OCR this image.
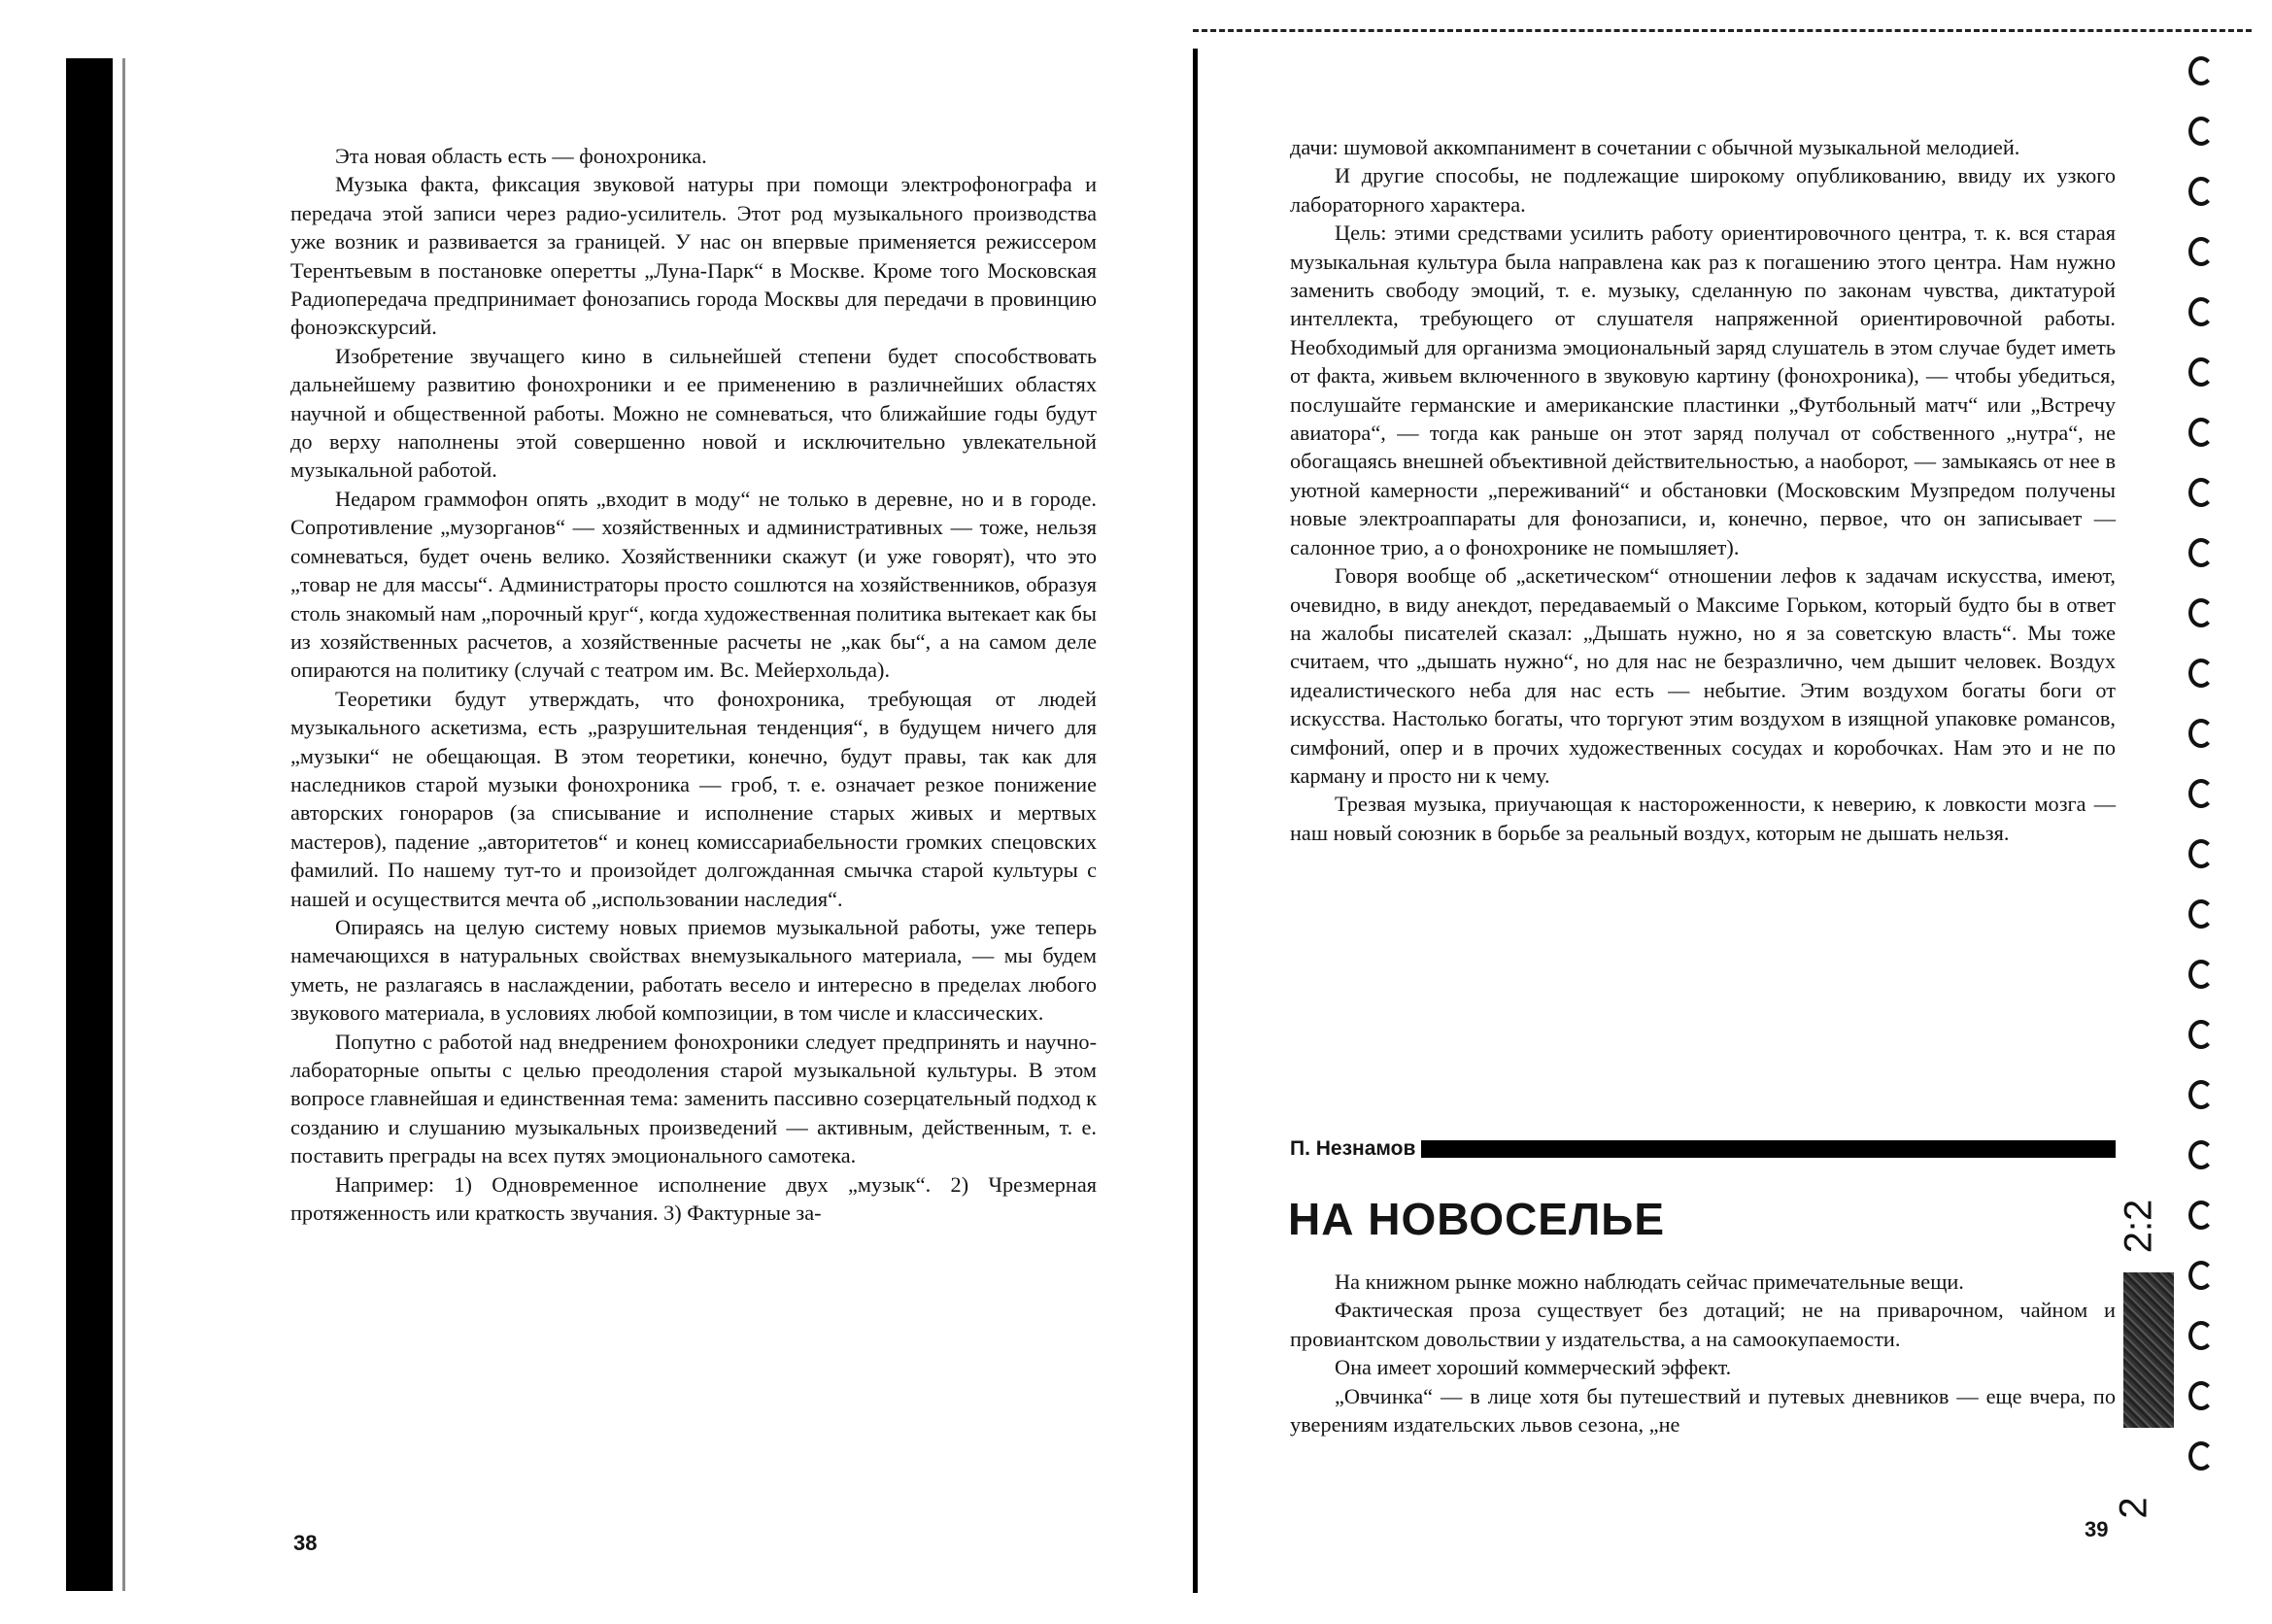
Эта новая область есть — фонохроника.

Музыка факта, фиксация звуковой натуры при помощи электрофонографа и передача этой записи через радио-усилитель. Этот род музыкального производства уже возник и развивается за границей. У нас он впервые применяется режиссером Терентьевым в постановке оперетты „Луна-Парк“ в Москве. Кроме того Московская Радиопередача предпринимает фонозапись города Москвы для передачи в провинцию фоноэкскурсий.

Изобретение звучащего кино в сильнейшей степени будет способствовать дальнейшему развитию фонохроники и ее применению в различнейших областях научной и общественной работы. Можно не сомневаться, что ближайшие годы будут до верху наполнены этой совершенно новой и исключительно увлекательной музыкальной работой.

Недаром граммофон опять „входит в моду“ не только в деревне, но и в городе. Сопротивление „музорганов“ — хозяйственных и административных — тоже, нельзя сомневаться, будет очень велико. Хозяйственники скажут (и уже говорят), что это „товар не для массы“. Администраторы просто сошлются на хозяйственников, образуя столь знакомый нам „порочный круг“, когда художественная политика вытекает как бы из хозяйственных расчетов, а хозяйственные расчеты не „как бы“, а на самом деле опираются на политику (случай с театром им. Вс. Мейерхольда).

Теоретики будут утверждать, что фонохроника, требующая от людей музыкального аскетизма, есть „разрушительная тенденция“, в будущем ничего для „музыки“ не обещающая. В этом теоретики, конечно, будут правы, так как для наследников старой музыки фонохроника — гроб, т. е. означает резкое понижение авторских гонораров (за списывание и исполнение старых живых и мертвых мастеров), падение „авторитетов“ и конец комиссариабельности громких спецовских фамилий. По нашему тут-то и произойдет долгожданная смычка старой культуры с нашей и осуществится мечта об „использовании наследия“.

Опираясь на целую систему новых приемов музыкальной работы, уже теперь намечающихся в натуральных свойствах внемузыкального материала, — мы будем уметь, не разлагаясь в наслаждении, работать весело и интересно в пределах любого звукового материала, в условиях любой композиции, в том числе и классических.

Попутно с работой над внедрением фонохроники следует предпринять и научно-лабораторные опыты с целью преодоления старой музыкальной культуры. В этом вопросе главнейшая и единственная тема: заменить пассивно созерцательный подход к созданию и слушанию музыкальных произведений — активным, действенным, т. е. поставить преграды на всех путях эмоционального самотека.

Например: 1) Одновременное исполнение двух „музык“. 2) Чрезмерная протяженность или краткость звучания. 3) Фактурные за-

38

дачи: шумовой аккомпанимент в сочетании с обычной музыкальной мелодией.

И другие способы, не подлежащие широкому опубликованию, ввиду их узкого лабораторного характера.

Цель: этими средствами усилить работу ориентировочного центра, т. к. вся старая музыкальная культура была направлена как раз к погашению этого центра. Нам нужно заменить свободу эмоций, т. е. музыку, сделанную по законам чувства, диктатурой интеллекта, требующего от слушателя напряженной ориентировочной работы. Необходимый для организма эмоциональный заряд слушатель в этом случае будет иметь от факта, живьем включенного в звуковую картину (фонохроника), — чтобы убедиться, послушайте германские и американские пластинки „Футбольный матч“ или „Встречу авиатора“, — тогда как раньше он этот заряд получал от собственного „нутра“, не обогащаясь внешней объективной действительностью, а наоборот, — замыкаясь от нее в уютной камерности „переживаний“ и обстановки (Московским Музпредом получены новые электроаппараты для фонозаписи, и, конечно, первое, что он записывает — салонное трио, а о фонохронике не помышляет).

Говоря вообще об „аскетическом“ отношении лефов к задачам искусства, имеют, очевидно, в виду анекдот, передаваемый о Максиме Горьком, который будто бы в ответ на жалобы писателей сказал: „Дышать нужно, но я за советскую власть“. Мы тоже считаем, что „дышать нужно“, но для нас не безразлично, чем дышит человек. Воздух идеалистического неба для нас есть — небытие. Этим воздухом богаты боги от искусства. Настолько богаты, что торгуют этим воздухом в изящной упаковке романсов, симфоний, опер и в прочих художественных сосудах и коробочках. Нам это и не по карману и просто ни к чему.

Трезвая музыка, приучающая к настороженности, к неверию, к ловкости мозга — наш новый союзник в борьбе за реальный воздух, которым не дышать нельзя.

П. Незнамов
НА НОВОСЕЛЬЕ

На книжном рынке можно наблюдать сейчас примечательные вещи.

Фактическая проза существует без дотаций; не на приварочном, чайном и провиантском довольствии у издательства, а на самоокупаемости.

Она имеет хороший коммерческий эффект.

„Овчинка“ — в лице хотя бы путешествий и путевых дневников — еще вчера, по уверениям издательских львов сезона, „не

39
2:2
2
